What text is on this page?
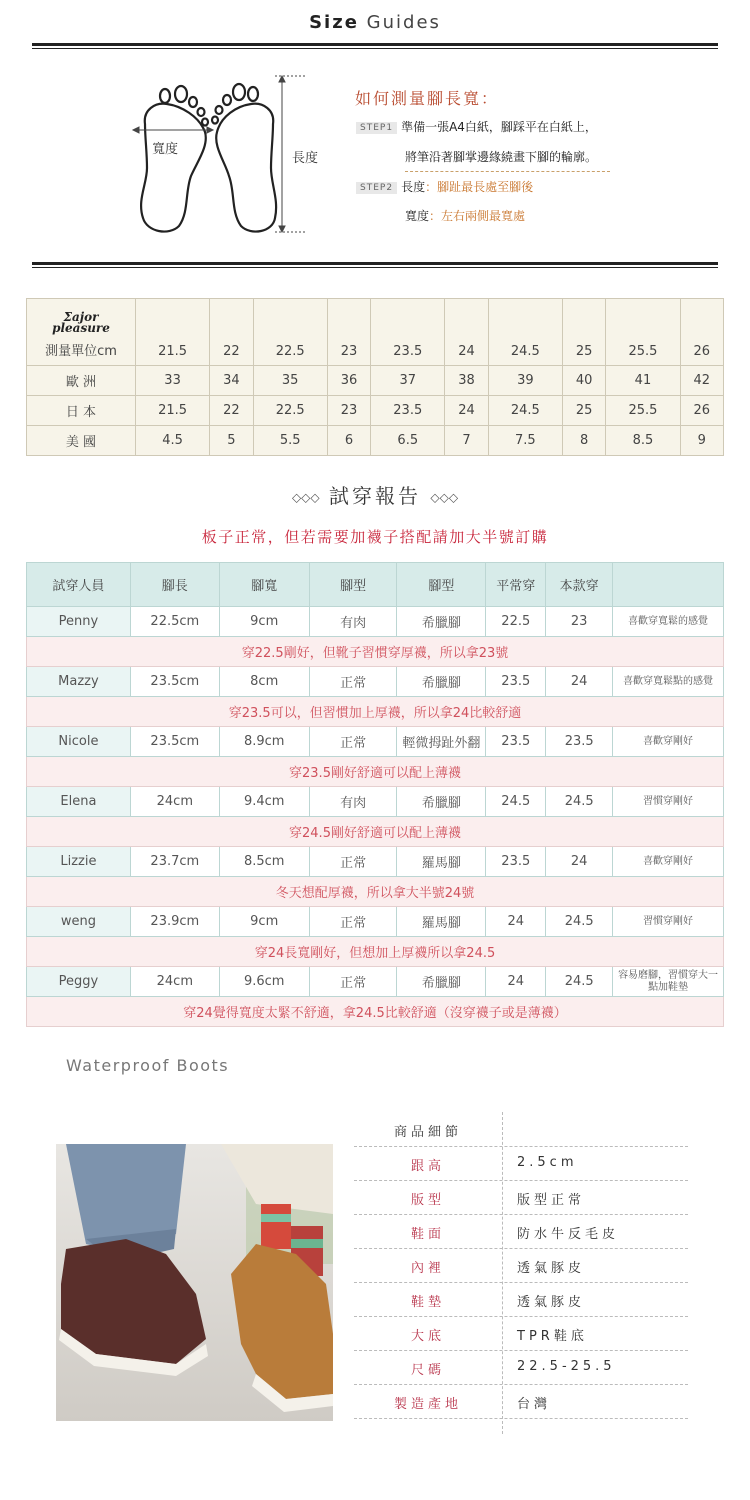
Size Guides
寬度
長度
如何測量腳長寬：
STEP1 準備一張A4白紙，腳踩平在白紙上，
將筆沿著腳掌邊緣繞畫下腳的輪廓。
STEP2 長度：腳趾最長處至腳後
寬度：左右兩側最寬處
Σajor
pleasure
測量單位cm	21.5	22	22.5	23	23.5	24	24.5	25	25.5	26
歐 洲	33	34	35	36	37	38	39	40	41	42
日 本	21.5	22	22.5	23	23.5	24	24.5	25	25.5	26
美 國	4.5	5	5.5	6	6.5	7	7.5	8	8.5	9
◇◇◇ 試穿報告 ◇◇◇
板子正常，但若需要加襪子搭配請加大半號訂購
試穿人員	腳長	腳寬	腳型	腳型	平常穿	本款穿	
Penny	22.5cm	9cm	有肉	希臘腳	22.5	23	喜歡穿寬鬆的感覺
穿22.5剛好，但靴子習慣穿厚襪，所以拿23號							
Mazzy	23.5cm	8cm	正常	希臘腳	23.5	24	喜歡穿寬鬆點的感覺
穿23.5可以，但習慣加上厚襪，所以拿24比較舒適							
Nicole	23.5cm	8.9cm	正常	輕微拇趾外翻	23.5	23.5	喜歡穿剛好
穿23.5剛好舒適可以配上薄襪							
Elena	24cm	9.4cm	有肉	希臘腳	24.5	24.5	習慣穿剛好
穿24.5剛好舒適可以配上薄襪							
Lizzie	23.7cm	8.5cm	正常	羅馬腳	23.5	24	喜歡穿剛好
冬天想配厚襪，所以拿大半號24號							
weng	23.9cm	9cm	正常	羅馬腳	24	24.5	習慣穿剛好
穿24長寬剛好，但想加上厚襪所以拿24.5							
Peggy	24cm	9.6cm	正常	希臘腳	24	24.5	容易磨腳，習慣穿大一點加鞋墊
穿24覺得寬度太緊不舒適，拿24.5比較舒適（沒穿襪子或是薄襪）							
Waterproof Boots
商品細節
跟高	2.5cm
版型	版型正常
鞋面	防水牛反毛皮
內裡	透氣豚皮
鞋墊	透氣豚皮
大底	TPR鞋底
尺碼	22.5-25.5
製造產地	台灣
